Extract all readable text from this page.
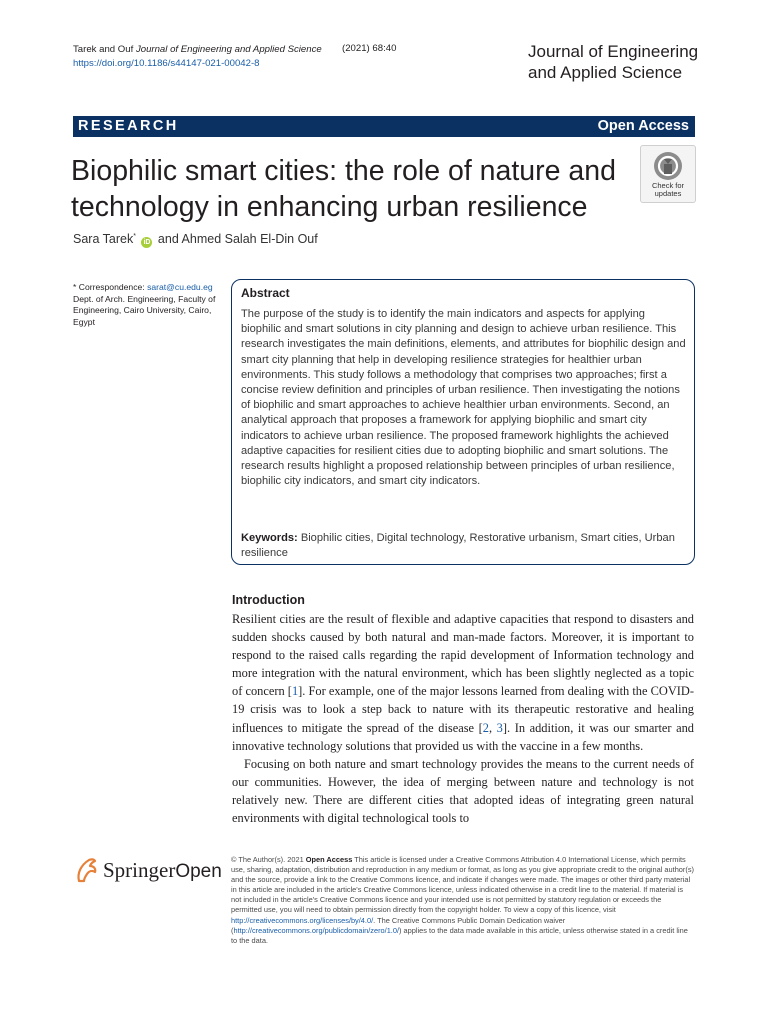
Tarek and Ouf Journal of Engineering and Applied Science
https://doi.org/10.1186/s44147-021-00042-8
(2021) 68:40	Journal of Engineering
and Applied Science
RESEARCH	Open Access
Biophilic smart cities: the role of nature and
technology in enhancing urban resilience
Check for
updates
Sara Tarek* iD and Ahmed Salah El-Din Ouf
* Correspondence: sarat@cu.edu.eg
Dept. of Arch. Engineering, Faculty of Engineering, Cairo University, Cairo, Egypt
Abstract
The purpose of the study is to identify the main indicators and aspects for applying biophilic and smart solutions in city planning and design to achieve urban resilience. This research investigates the main definitions, elements, and attributes for biophilic design and smart city planning that help in developing resilience strategies for healthier urban environments. This study follows a methodology that comprises two approaches; first a concise review definition and principles of urban resilience. Then investigating the notions of biophilic and smart approaches to achieve healthier urban environments. Second, an analytical approach that proposes a framework for applying biophilic and smart city indicators to achieve urban resilience. The proposed framework highlights the achieved adaptive capacities for resilient cities due to adopting biophilic and smart solutions. The research results highlight a proposed relationship between principles of urban resilience, biophilic city indicators, and smart city indicators.
Keywords: Biophilic cities, Digital technology, Restorative urbanism, Smart cities, Urban resilience
Introduction

Resilient cities are the result of flexible and adaptive capacities that respond to disasters and sudden shocks caused by both natural and man-made factors. Moreover, it is important to respond to the raised calls regarding the rapid development of Information technology and more integration with the natural environment, which has been slightly neglected as a topic of concern [1]. For example, one of the major lessons learned from dealing with the COVID-19 crisis was to look a step back to nature with its therapeutic restorative and healing influences to mitigate the spread of the disease [2, 3]. In addition, it was our smarter and innovative technology solutions that provided us with the vaccine in a few months.

Focusing on both nature and smart technology provides the means to the current needs of our communities. However, the idea of merging between nature and technology is not relatively new. There are different cities that adopted ideas of integrating green natural environments with digital technological tools to

SpringerOpen
© The Author(s). 2021 Open Access This article is licensed under a Creative Commons Attribution 4.0 International License, which permits use, sharing, adaptation, distribution and reproduction in any medium or format, as long as you give appropriate credit to the original author(s) and the source, provide a link to the Creative Commons licence, and indicate if changes were made. The images or other third party material in this article are included in the article's Creative Commons licence, unless indicated otherwise in a credit line to the material. If material is not included in the article's Creative Commons licence and your intended use is not permitted by statutory regulation or exceeds the permitted use, you will need to obtain permission directly from the copyright holder. To view a copy of this licence, visit http://creativecommons.org/licenses/by/4.0/. The Creative Commons Public Domain Dedication waiver (http://creativecommons.org/publicdomain/zero/1.0/) applies to the data made available in this article, unless otherwise stated in a credit line to the data.
